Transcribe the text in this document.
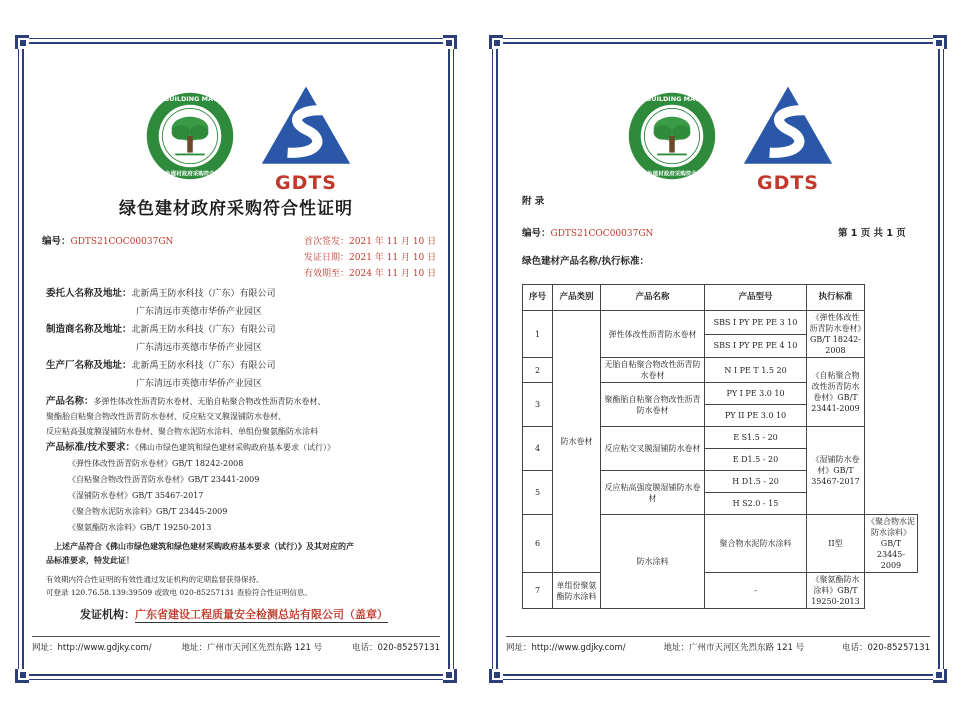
GREEN BUILDING MATERIALS
绿色建材政府采购符合性	GDTS
绿色建材政府采购符合性证明
编号：GDTS21COC00037GN	首次签发：2021 年 11 月 10 日
发证日期：2021 年 11 月 10 日
有效期至：2024 年 11 月 10 日
委托人名称及地址：北新禹王防水科技（广东）有限公司
广东清远市英德市华侨产业园区
制造商名称及地址：北新禹王防水科技（广东）有限公司
广东清远市英德市华侨产业园区
生产厂名称及地址：北新禹王防水科技（广东）有限公司
广东清远市英德市华侨产业园区
产品名称：多弹性体改性沥青防水卷材、无胎自粘聚合物改性沥青防水卷材、
聚酯胎自粘聚合物改性沥青防水卷材、反应粘交叉膜湿铺防水卷材、
反应粘高强度膜湿铺防水卷材、聚合物水泥防水涂料、单组份聚氨酯防水涂料
产品标准/技术要求：《佛山市绿色建筑和绿色建材采购政府基本要求（试行）》
《弹性体改性沥青防水卷材》GB/T 18242-2008
《自粘聚合物改性沥青防水卷材》GB/T 23441-2009
《湿铺防水卷材》GB/T 35467-2017
《聚合物水泥防水涂料》GB/T 23445-2009
《聚氨酯防水涂料》GB/T 19250-2013
上述产品符合《佛山市绿色建筑和绿色建材采购政府基本要求（试行）》及其对应的产
品标准要求，特发此证！
有效期内符合性证明的有效性通过发证机构的定期监督获得保持。
可登录 120.76.58.139:39509 或致电 020-85257131 查验符合性证明信息。
发证机构：广东省建设工程质量安全检测总站有限公司（盖章）
网址：http://www.gdjky.com/	地址：广州市天河区先烈东路 121 号	电话：020-85257131
GREEN BUILDING MATERIALS
绿色建材政府采购符合性	GDTS
附 录
编号：GDTS21COC00037GN	第 1 页 共 1 页
绿色建材产品名称/执行标准：
序号	产品类别	产品名称	产品型号	执行标准	
1	防水卷材	弹性体改性沥青防水卷材	SBS I PY PE PE 3 10	《弹性体改性沥青防水卷材》GB/T 18242-2008	
			SBS I PY PE PE 4 10		
2		无胎自粘聚合物改性沥青防水卷材	N I PE T 1.5 20	《自粘聚合物改性沥青防水卷材》GB/T 23441-2009	
3		聚酯胎自粘聚合物改性沥青防水卷材	PY I PE 3.0 10		
			PY II PE 3.0 10		
4		反应粘交叉膜湿铺防水卷材	E S1.5 - 20	《湿铺防水卷材》GB/T 35467-2017	
			E D1.5 - 20		
5		反应粘高强度膜湿铺防水卷材	H D1.5 - 20		
			H S2.0 - 15		
6		防水涂料	聚合物水泥防水涂料	II型	《聚合物水泥防水涂料》GB/T 23445-2009
7	单组份聚氨酯防水涂料		-	《聚氨酯防水涂料》GB/T 19250-2013	
网址：http://www.gdjky.com/	地址：广州市天河区先烈东路 121 号	电话：020-85257131
